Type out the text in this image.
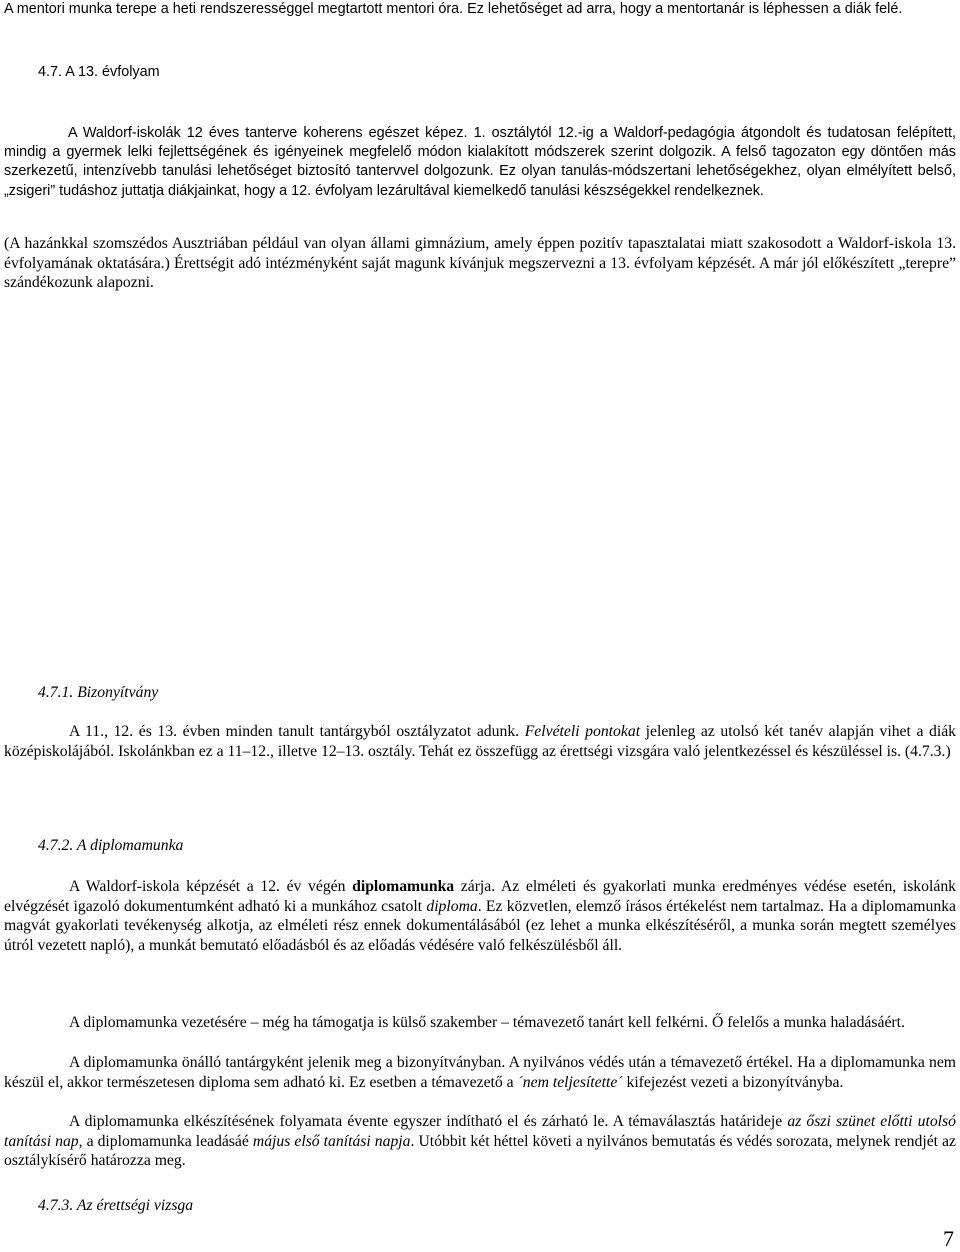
A mentori munka terepe a heti rendszerességgel megtartott mentori óra. Ez lehetőséget ad arra, hogy a mentortanár is léphessen a diák felé.

4.7. A 13. évfolyam

A Waldorf-iskolák 12 éves tanterve koherens egészet képez. 1. osztálytól 12.-ig a Waldorf-pedagógia átgondolt és tudatosan felépített, mindig a gyermek lelki fejlettségének és igényeinek megfelelő módon kialakított módszerek szerint dolgozik. A felső tagozaton egy döntően más szerkezetű, intenzívebb tanulási lehetőséget biztosító tantervvel dolgozunk. Ez olyan tanulás-módszertani lehetőségekhez, olyan elmélyített belső, „zsigeri” tudáshoz juttatja diákjainkat, hogy a 12. évfolyam lezárultával kiemelkedő tanulási készségekkel rendelkeznek.

(A hazánkkal szomszédos Ausztriában például van olyan állami gimnázium, amely éppen pozitív tapasztalatai miatt szakosodott a Waldorf-iskola 13. évfolyamának oktatására.) Érettségit adó intézményként saját magunk kívánjuk megszervezni a 13. évfolyam képzését. A már jól előkészített „terepre” szándékozunk alapozni.

4.7.1. Bizonyítvány

A 11., 12. és 13. évben minden tanult tantárgyból osztályzatot adunk. Felvételi pontokat jelenleg az utolsó két tanév alapján vihet a diák középiskolájából. Iskolánkban ez a 11–12., illetve 12–13. osztály. Tehát ez összefügg az érettségi vizsgára való jelentkezéssel és készüléssel is. (4.7.3.)

4.7.2. A diplomamunka

A Waldorf-iskola képzését a 12. év végén diplomamunka zárja. Az elméleti és gyakorlati munka eredményes védése esetén, iskolánk elvégzését igazoló dokumentumként adható ki a munkához csatolt diploma. Ez közvetlen, elemző írásos értékelést nem tartalmaz. Ha a diplomamunka magvát gyakorlati tevékenység alkotja, az elméleti rész ennek dokumentálásából (ez lehet a munka elkészítéséről, a munka során megtett személyes útról vezetett napló), a munkát bemutató előadásból és az előadás védésére való felkészülésből áll.

A diplomamunka vezetésére – még ha támogatja is külső szakember – témavezető tanárt kell felkérni. Ő felelős a munka haladásáért.

A diplomamunka önálló tantárgyként jelenik meg a bizonyítványban. A nyilvános védés után a témavezető értékel. Ha a diplomamunka nem készül el, akkor természetesen diploma sem adható ki. Ez esetben a témavezető a ´nem teljesítette´ kifejezést vezeti a bizonyítványba.

A diplomamunka elkészítésének folyamata évente egyszer indítható el és zárható le. A témaválasztás határideje az őszi szünet előtti utolsó tanítási nap, a diplomamunka leadásáé május első tanítási napja. Utóbbit két héttel követi a nyilvános bemutatás és védés sorozata, melynek rendjét az osztálykísérő határozza meg.

4.7.3. Az érettségi vizsga

7
